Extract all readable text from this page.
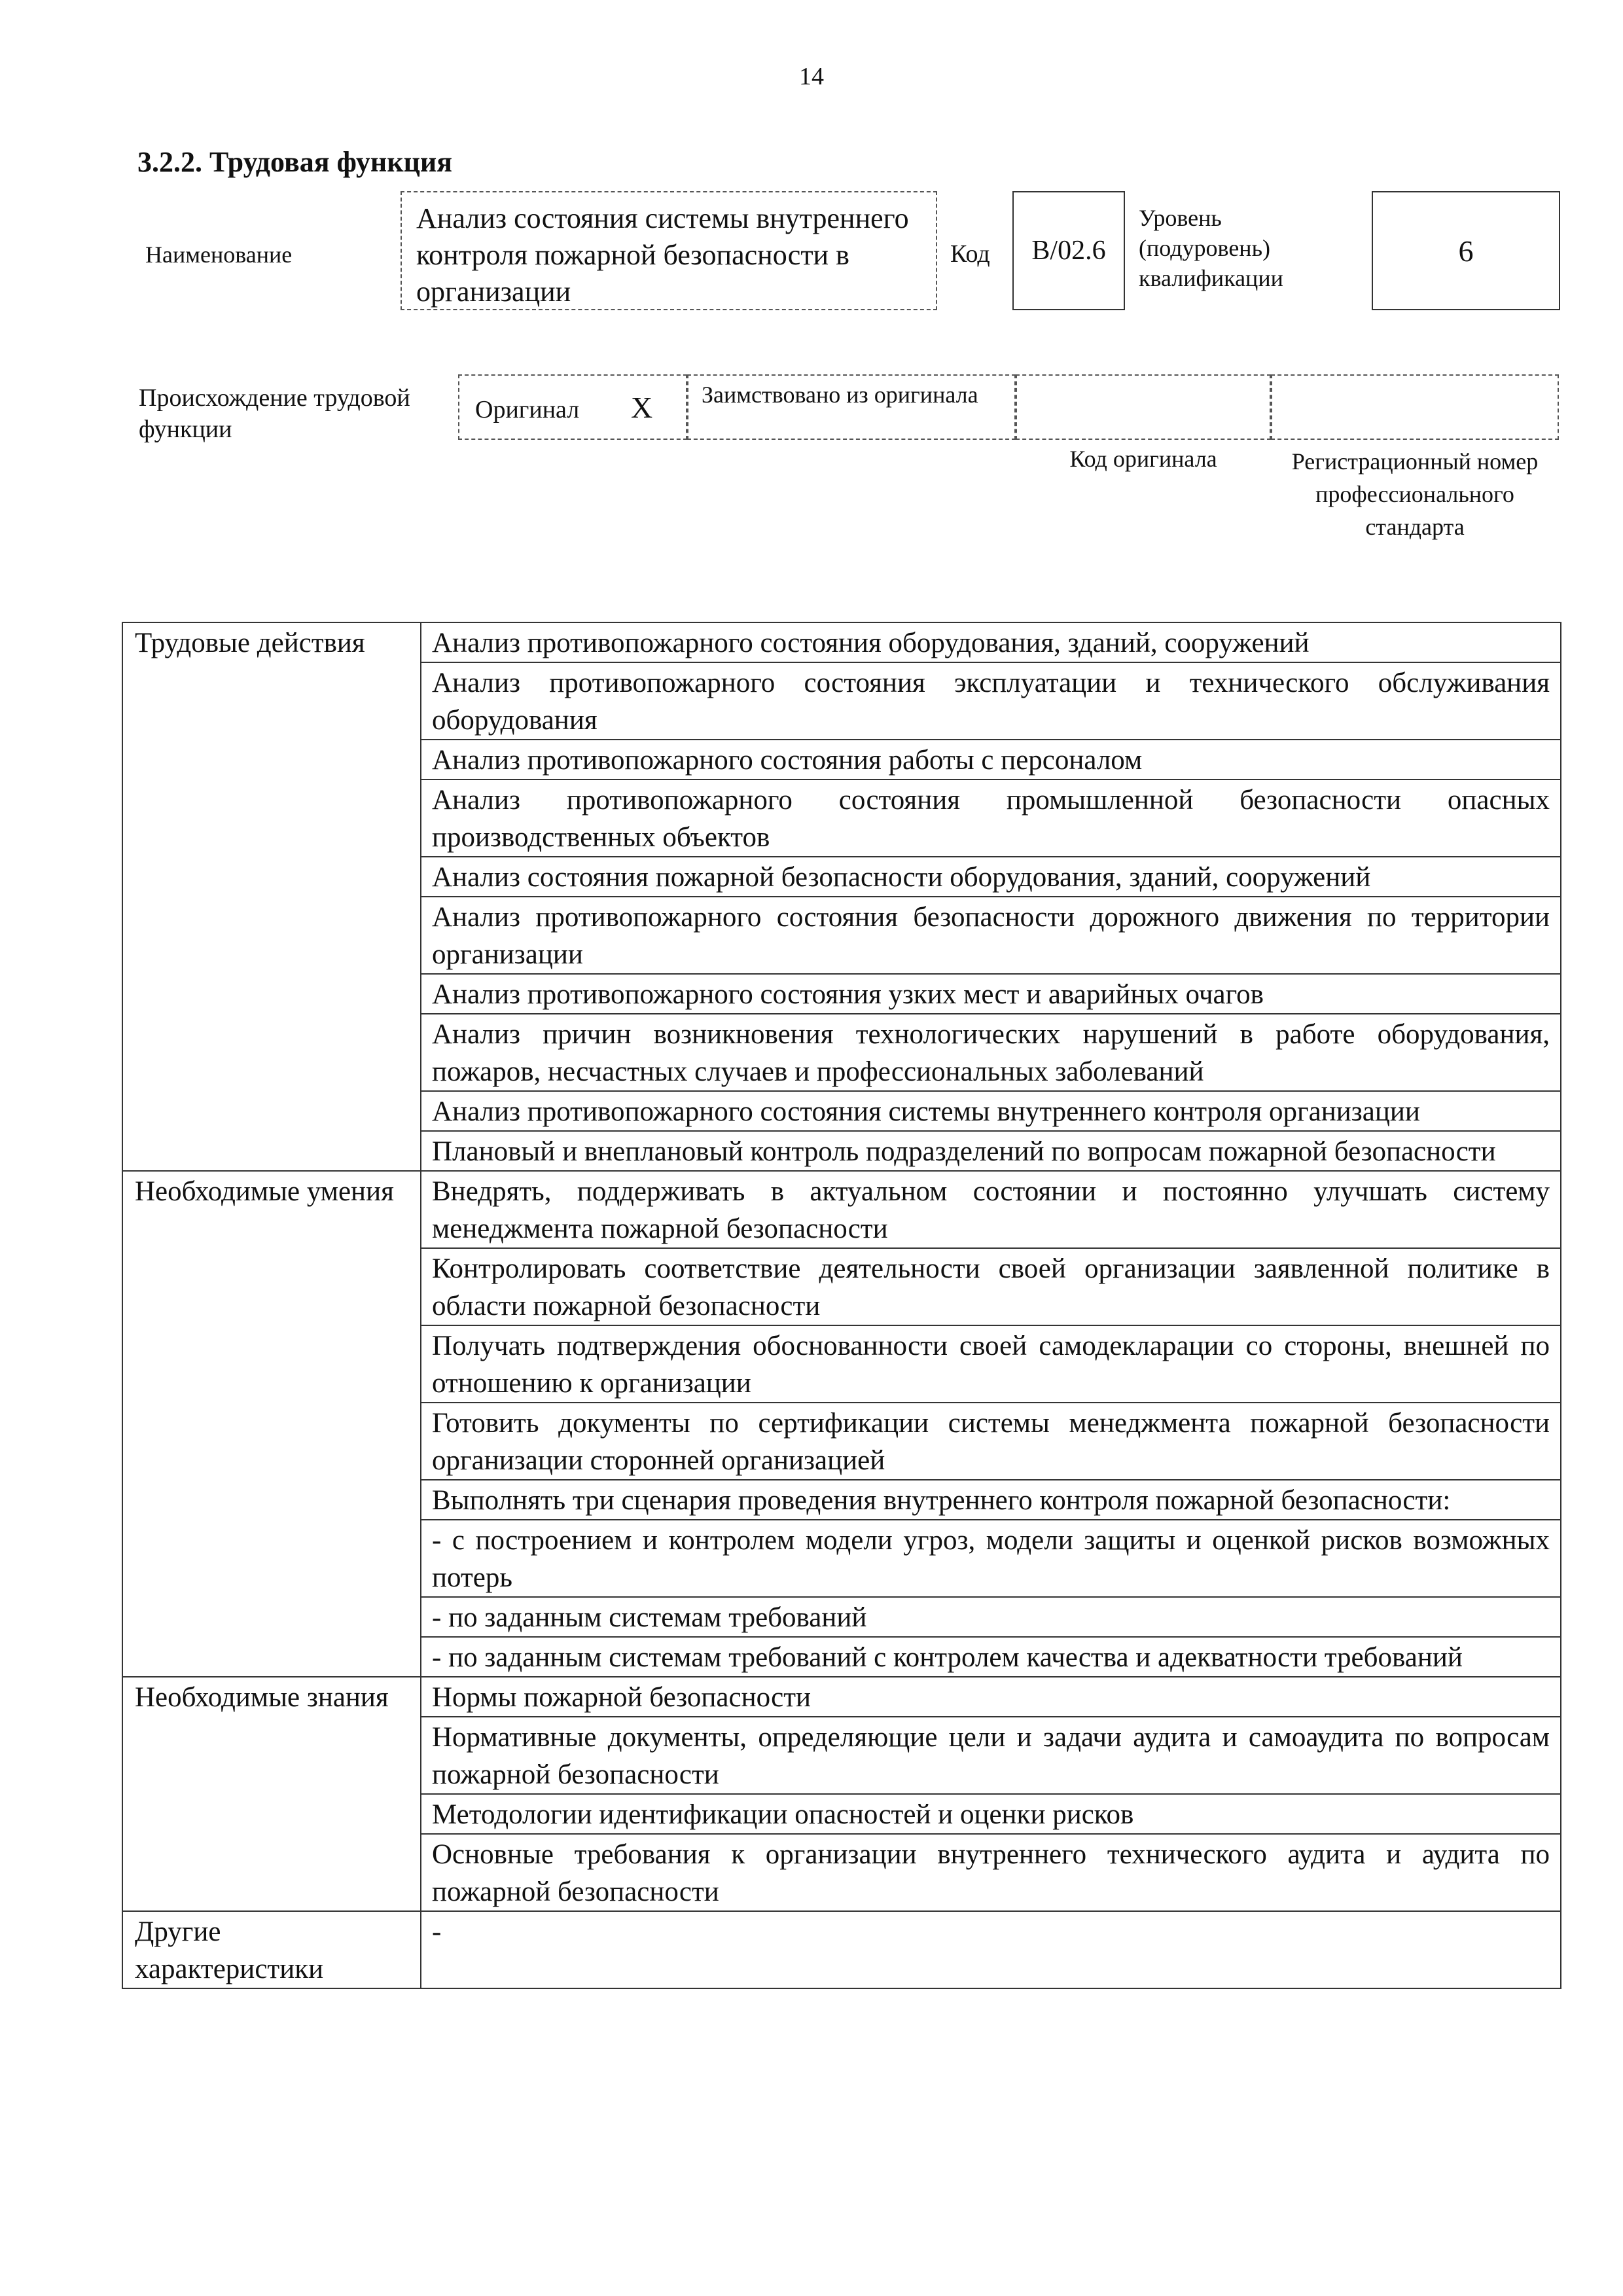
14
3.2.2. Трудовая функция
Наименование
Анализ состояния системы внутреннего контроля пожарной безопасности в организации
Код	В/02.6
Уровень (подуровень) квалификации
6
Происхождение трудовой функции
Оригинал X	Заимствовано из оригинала
Код оригинала	Регистрационный номер профессионального стандарта
Трудовые действия	Анализ противопожарного состояния оборудования, зданий, сооружений
	Анализ противопожарного состояния эксплуатации и технического обслуживания оборудования
	Анализ противопожарного состояния работы с персоналом
	Анализ противопожарного состояния промышленной безопасности опасных производственных объектов
	Анализ состояния пожарной безопасности оборудования, зданий, сооружений
	Анализ противопожарного состояния безопасности дорожного движения по территории организации
	Анализ противопожарного состояния узких мест и аварийных очагов
	Анализ причин возникновения технологических нарушений в работе оборудования, пожаров, несчастных случаев и профессиональных заболеваний
	Анализ противопожарного состояния системы внутреннего контроля организации
	Плановый и внеплановый контроль подразделений по вопросам пожарной безопасности
Необходимые умения	Внедрять, поддерживать в актуальном состоянии и постоянно улучшать систему менеджмента пожарной безопасности
	Контролировать соответствие деятельности своей организации заявленной политике в области пожарной безопасности
	Получать подтверждения обоснованности своей самодекларации со стороны, внешней по отношению к организации
	Готовить документы по сертификации системы менеджмента пожарной безопасности организации сторонней организацией
	Выполнять три сценария проведения внутреннего контроля пожарной безопасности:
	- с построением и контролем модели угроз, модели защиты и оценкой рисков возможных потерь
	- по заданным системам требований
	- по заданным системам требований с контролем качества и адекватности требований
Необходимые знания	Нормы пожарной безопасности
	Нормативные документы, определяющие цели и задачи аудита и самоаудита по вопросам пожарной безопасности
	Методологии идентификации опасностей и оценки рисков
	Основные требования к организации внутреннего технического аудита и аудита по пожарной безопасности
Другие характеристики	-
